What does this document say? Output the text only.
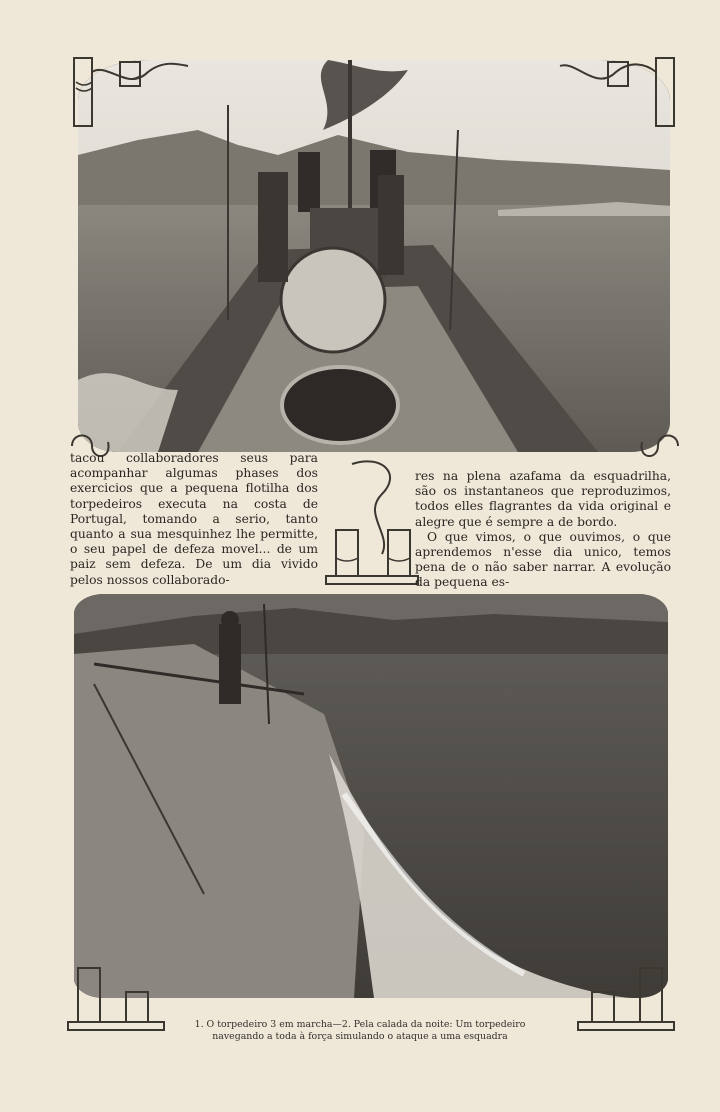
tacou collaboradores seus para acompanhar algumas phases dos exercicios que a pequena flotilha dos torpedeiros executa na costa de Portugal, tomando a serio, tanto quanto a sua mesquinhez lhe permitte, o seu papel de defeza movel... de um paiz sem defeza. De um dia vivido pelos nossos collaborado-
res na plena azafama da esquadrilha, são os instantaneos que reproduzimos, todos elles flagrantes da vida original e alegre que é sempre a de bordo.
O que vimos, o que ouvimos, o que aprendemos n'esse dia unico, temos pena de o não saber narrar. A evolução da pequena es-
1. O torpedeiro 3 em marcha—2. Pela calada da noite: Um torpedeiro
navegando a toda à força simulando o ataque a uma esquadra
